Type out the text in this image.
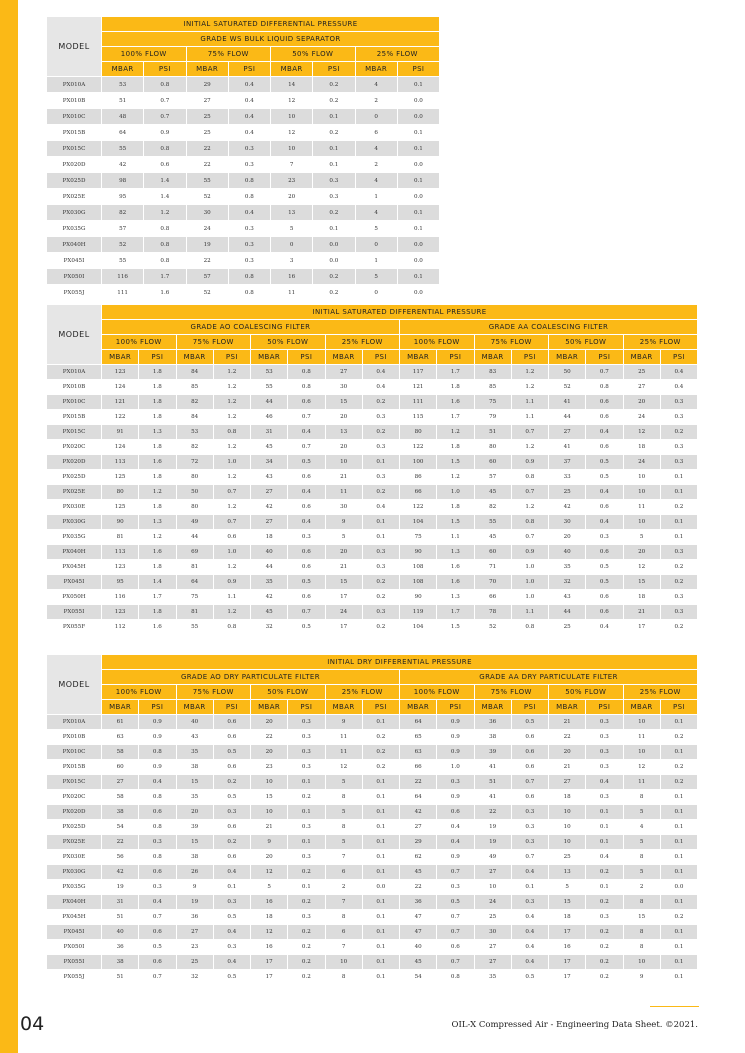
MODEL	INITIAL SATURATED DIFFERENTIAL PRESSURE							
	GRADE WS BULK LIQUID SEPARATOR							
	100% FLOW		75% FLOW		50% FLOW		25% FLOW	
	MBAR	PSI	MBAR	PSI	MBAR	PSI	MBAR	PSI
PX010A	53	0.8	29	0.4	14	0.2	4	0.1
PX010B	51	0.7	27	0.4	12	0.2	2	0.0
PX010C	48	0.7	25	0.4	10	0.1	0	0.0
PX015B	64	0.9	25	0.4	12	0.2	6	0.1
PX015C	55	0.8	22	0.3	10	0.1	4	0.1
PX020D	42	0.6	22	0.3	7	0.1	2	0.0
PX025D	98	1.4	55	0.8	23	0.3	4	0.1
PX025E	95	1.4	52	0.8	20	0.3	1	0.0
PX030G	82	1.2	30	0.4	13	0.2	4	0.1
PX035G	57	0.8	24	0.3	5	0.1	5	0.1
PX040H	52	0.8	19	0.3	0	0.0	0	0.0
PX045I	55	0.8	22	0.3	3	0.0	1	0.0
PX050I	116	1.7	57	0.8	16	0.2	5	0.1
PX055J	111	1.6	52	0.8	11	0.2	0	0.0
MODEL	INITIAL SATURATED DIFFERENTIAL PRESSURE															
	GRADE AO COALESCING FILTER								GRADE AA COALESCING FILTER							
	100% FLOW		75% FLOW		50% FLOW		25% FLOW		100% FLOW		75% FLOW		50% FLOW		25% FLOW	
	MBAR	PSI	MBAR	PSI	MBAR	PSI	MBAR	PSI	MBAR	PSI	MBAR	PSI	MBAR	PSI	MBAR	PSI
PX010A	123	1.8	84	1.2	53	0.8	27	0.4	117	1.7	83	1.2	50	0.7	25	0.4
PX010B	124	1.8	85	1.2	55	0.8	30	0.4	121	1.8	85	1.2	52	0.8	27	0.4
PX010C	121	1.8	82	1.2	44	0.6	15	0.2	111	1.6	75	1.1	41	0.6	20	0.3
PX015B	122	1.8	84	1.2	46	0.7	20	0.3	115	1.7	79	1.1	44	0.6	24	0.3
PX015C	91	1.3	53	0.8	31	0.4	13	0.2	80	1.2	51	0.7	27	0.4	12	0.2
PX020C	124	1.8	82	1.2	45	0.7	20	0.3	122	1.8	80	1.2	41	0.6	18	0.3
PX020D	113	1.6	72	1.0	34	0.5	10	0.1	100	1.5	60	0.9	37	0.5	24	0.3
PX025D	125	1.8	80	1.2	43	0.6	21	0.3	86	1.2	57	0.8	33	0.5	10	0.1
PX025E	80	1.2	50	0.7	27	0.4	11	0.2	66	1.0	45	0.7	25	0.4	10	0.1
PX030E	125	1.8	80	1.2	42	0.6	30	0.4	122	1.8	82	1.2	42	0.6	11	0.2
PX030G	90	1.3	49	0.7	27	0.4	9	0.1	104	1.5	55	0.8	30	0.4	10	0.1
PX035G	81	1.2	44	0.6	18	0.3	5	0.1	75	1.1	45	0.7	20	0.3	5	0.1
PX040H	113	1.6	69	1.0	40	0.6	20	0.3	90	1.3	60	0.9	40	0.6	20	0.3
PX045H	123	1.8	81	1.2	44	0.6	21	0.3	108	1.6	71	1.0	35	0.5	12	0.2
PX045I	95	1.4	64	0.9	35	0.5	15	0.2	108	1.6	70	1.0	32	0.5	15	0.2
PX050H	116	1.7	75	1.1	42	0.6	17	0.2	90	1.3	66	1.0	43	0.6	18	0.3
PX055I	123	1.8	81	1.2	45	0.7	24	0.3	119	1.7	78	1.1	44	0.6	21	0.3
PX055F	112	1.6	55	0.8	32	0.5	17	0.2	104	1.5	52	0.8	25	0.4	17	0.2
MODEL	INITIAL DRY DIFFERENTIAL PRESSURE															
	GRADE AO DRY PARTICULATE FILTER								GRADE AA DRY PARTICULATE FILTER							
	100% FLOW		75% FLOW		50% FLOW		25% FLOW		100% FLOW		75% FLOW		50% FLOW		25% FLOW	
	MBAR	PSI	MBAR	PSI	MBAR	PSI	MBAR	PSI	MBAR	PSI	MBAR	PSI	MBAR	PSI	MBAR	PSI
PX010A	61	0.9	40	0.6	20	0.3	9	0.1	64	0.9	36	0.5	21	0.3	10	0.1
PX010B	63	0.9	43	0.6	22	0.3	11	0.2	65	0.9	38	0.6	22	0.3	11	0.2
PX010C	58	0.8	35	0.5	20	0.3	11	0.2	63	0.9	39	0.6	20	0.3	10	0.1
PX015B	60	0.9	38	0.6	23	0.3	12	0.2	66	1.0	41	0.6	21	0.3	12	0.2
PX015C	27	0.4	15	0.2	10	0.1	5	0.1	22	0.3	51	0.7	27	0.4	11	0.2
PX020C	58	0.8	35	0.5	15	0.2	8	0.1	64	0.9	41	0.6	18	0.3	8	0.1
PX020D	38	0.6	20	0.3	10	0.1	5	0.1	42	0.6	22	0.3	10	0.1	5	0.1
PX025D	54	0.8	39	0.6	21	0.3	8	0.1	27	0.4	19	0.3	10	0.1	4	0.1
PX025E	22	0.3	15	0.2	9	0.1	5	0.1	29	0.4	19	0.3	10	0.1	5	0.1
PX030E	56	0.8	38	0.6	20	0.3	7	0.1	62	0.9	49	0.7	25	0.4	8	0.1
PX030G	42	0.6	26	0.4	12	0.2	6	0.1	45	0.7	27	0.4	13	0.2	5	0.1
PX035G	19	0.3	9	0.1	5	0.1	2	0.0	22	0.3	10	0.1	5	0.1	2	0.0
PX040H	31	0.4	19	0.3	16	0.2	7	0.1	36	0.5	24	0.3	15	0.2	8	0.1
PX045H	51	0.7	36	0.5	18	0.3	8	0.1	47	0.7	25	0.4	18	0.3	15	0.2
PX045I	40	0.6	27	0.4	12	0.2	6	0.1	47	0.7	30	0.4	17	0.2	8	0.1
PX050I	36	0.5	23	0.3	16	0.2	7	0.1	40	0.6	27	0.4	16	0.2	8	0.1
PX055I	38	0.6	25	0.4	17	0.2	10	0.1	45	0.7	27	0.4	17	0.2	10	0.1
PX055J	51	0.7	32	0.5	17	0.2	8	0.1	54	0.8	35	0.5	17	0.2	9	0.1
04	OIL-X Compressed Air - Engineering Data Sheet. ©2021.
